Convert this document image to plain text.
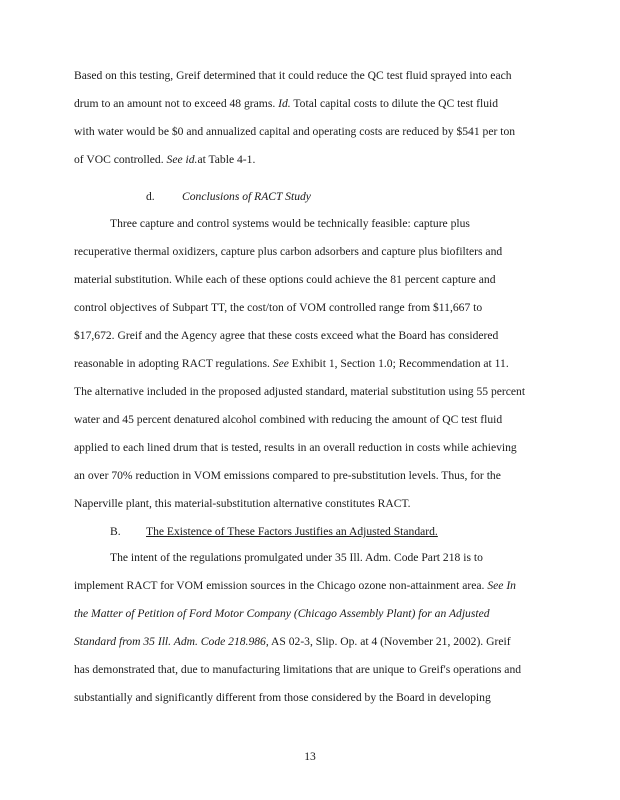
Based on this testing, Greif determined that it could reduce the QC test fluid sprayed into each
drum to an amount not to exceed 48 grams. Id. Total capital costs to dilute the QC test fluid
with water would be $0 and annualized capital and operating costs are reduced by $541 per ton
of VOC controlled. See id.at Table 4-1.
d. Conclusions of RACT Study
Three capture and control systems would be technically feasible: capture plus
recuperative thermal oxidizers, capture plus carbon adsorbers and capture plus biofilters and
material substitution. While each of these options could achieve the 81 percent capture and
control objectives of Subpart TT, the cost/ton of VOM controlled range from $11,667 to
$17,672. Greif and the Agency agree that these costs exceed what the Board has considered
reasonable in adopting RACT regulations. See Exhibit 1, Section 1.0; Recommendation at 11.
The alternative included in the proposed adjusted standard, material substitution using 55 percent
water and 45 percent denatured alcohol combined with reducing the amount of QC test fluid
applied to each lined drum that is tested, results in an overall reduction in costs while achieving
an over 70% reduction in VOM emissions compared to pre-substitution levels. Thus, for the
Naperville plant, this material-substitution alternative constitutes RACT.
B. The Existence of These Factors Justifies an Adjusted Standard.
The intent of the regulations promulgated under 35 Ill. Adm. Code Part 218 is to
implement RACT for VOM emission sources in the Chicago ozone non-attainment area. See In
the Matter of Petition of Ford Motor Company (Chicago Assembly Plant) for an Adjusted
Standard from 35 Ill. Adm. Code 218.986, AS 02-3, Slip. Op. at 4 (November 21, 2002). Greif
has demonstrated that, due to manufacturing limitations that are unique to Greif's operations and
substantially and significantly different from those considered by the Board in developing
13
